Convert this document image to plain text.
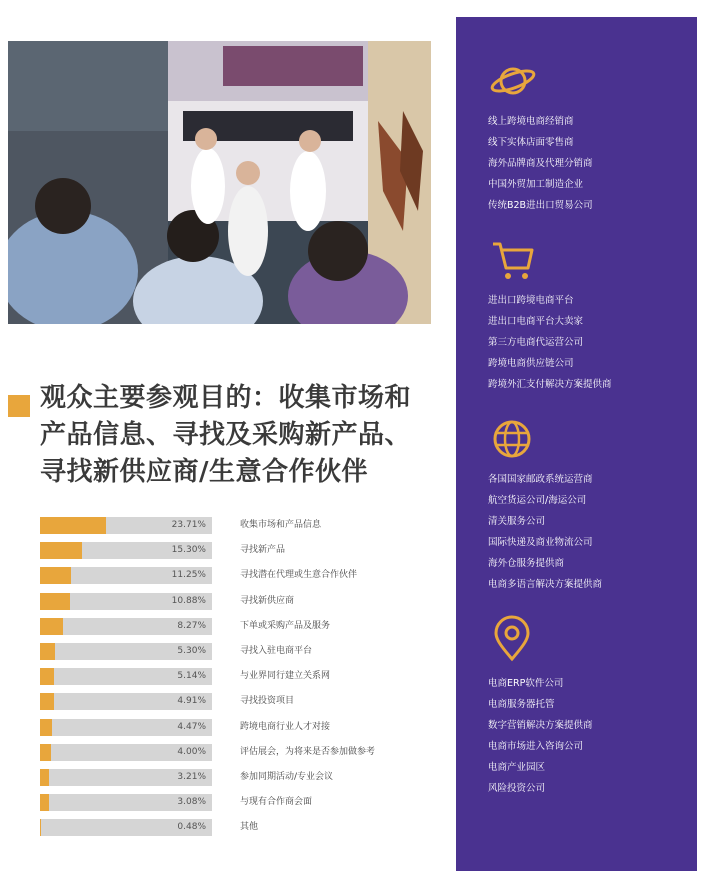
观众主要参观目的：收集市场和产品信息、寻找及采购新产品、寻找新供应商/生意合作伙伴
23.71%	收集市场和产品信息
15.30%	寻找新产品
11.25%	寻找潜在代理或生意合作伙伴
10.88%	寻找新供应商
8.27%	下单或采购产品及服务
5.30%	寻找入驻电商平台
5.14%	与业界同行建立关系网
4.91%	寻找投资项目
4.47%	跨境电商行业人才对接
4.00%	评估展会，为将来是否参加做参考
3.21%	参加同期活动/专业会议
3.08%	与现有合作商会面
0.48%	其他
线上跨境电商经销商
线下实体店面零售商
海外品牌商及代理分销商
中国外贸加工制造企业
传统B2B进出口贸易公司
进出口跨境电商平台
进出口电商平台大卖家
第三方电商代运营公司
跨境电商供应链公司
跨境外汇支付解决方案提供商
各国国家邮政系统运营商
航空货运公司/海运公司
清关服务公司
国际快递及商业物流公司
海外仓服务提供商
电商多语言解决方案提供商
电商ERP软件公司
电商服务器托管
数字营销解决方案提供商
电商市场进入咨询公司
电商产业园区
风险投资公司
